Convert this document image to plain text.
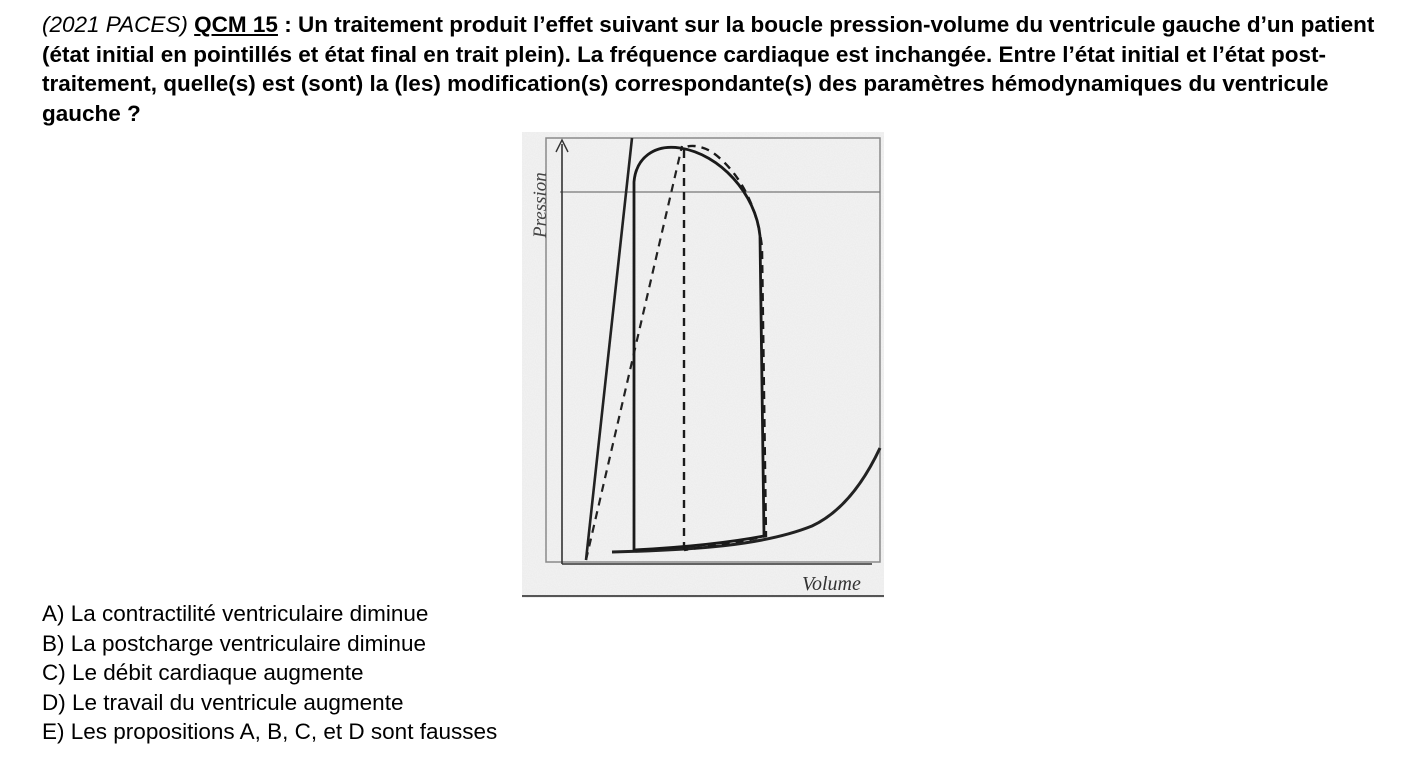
(2021 PACES) QCM 15 : Un traitement produit l’effet suivant sur la boucle pression-volume du ventricule gauche d’un patient (état initial en pointillés et état final en trait plein). La fréquence cardiaque est inchangée. Entre l’état initial et l’état post-traitement, quelle(s) est (sont) la (les) modification(s) correspondante(s) des paramètres hémodynamiques du ventricule gauche ?

Pression
Volume
A) La contractilité ventriculaire diminue
B) La postcharge ventriculaire diminue
C) Le débit cardiaque augmente
D) Le travail du ventricule augmente
E) Les propositions A, B, C, et D sont fausses
